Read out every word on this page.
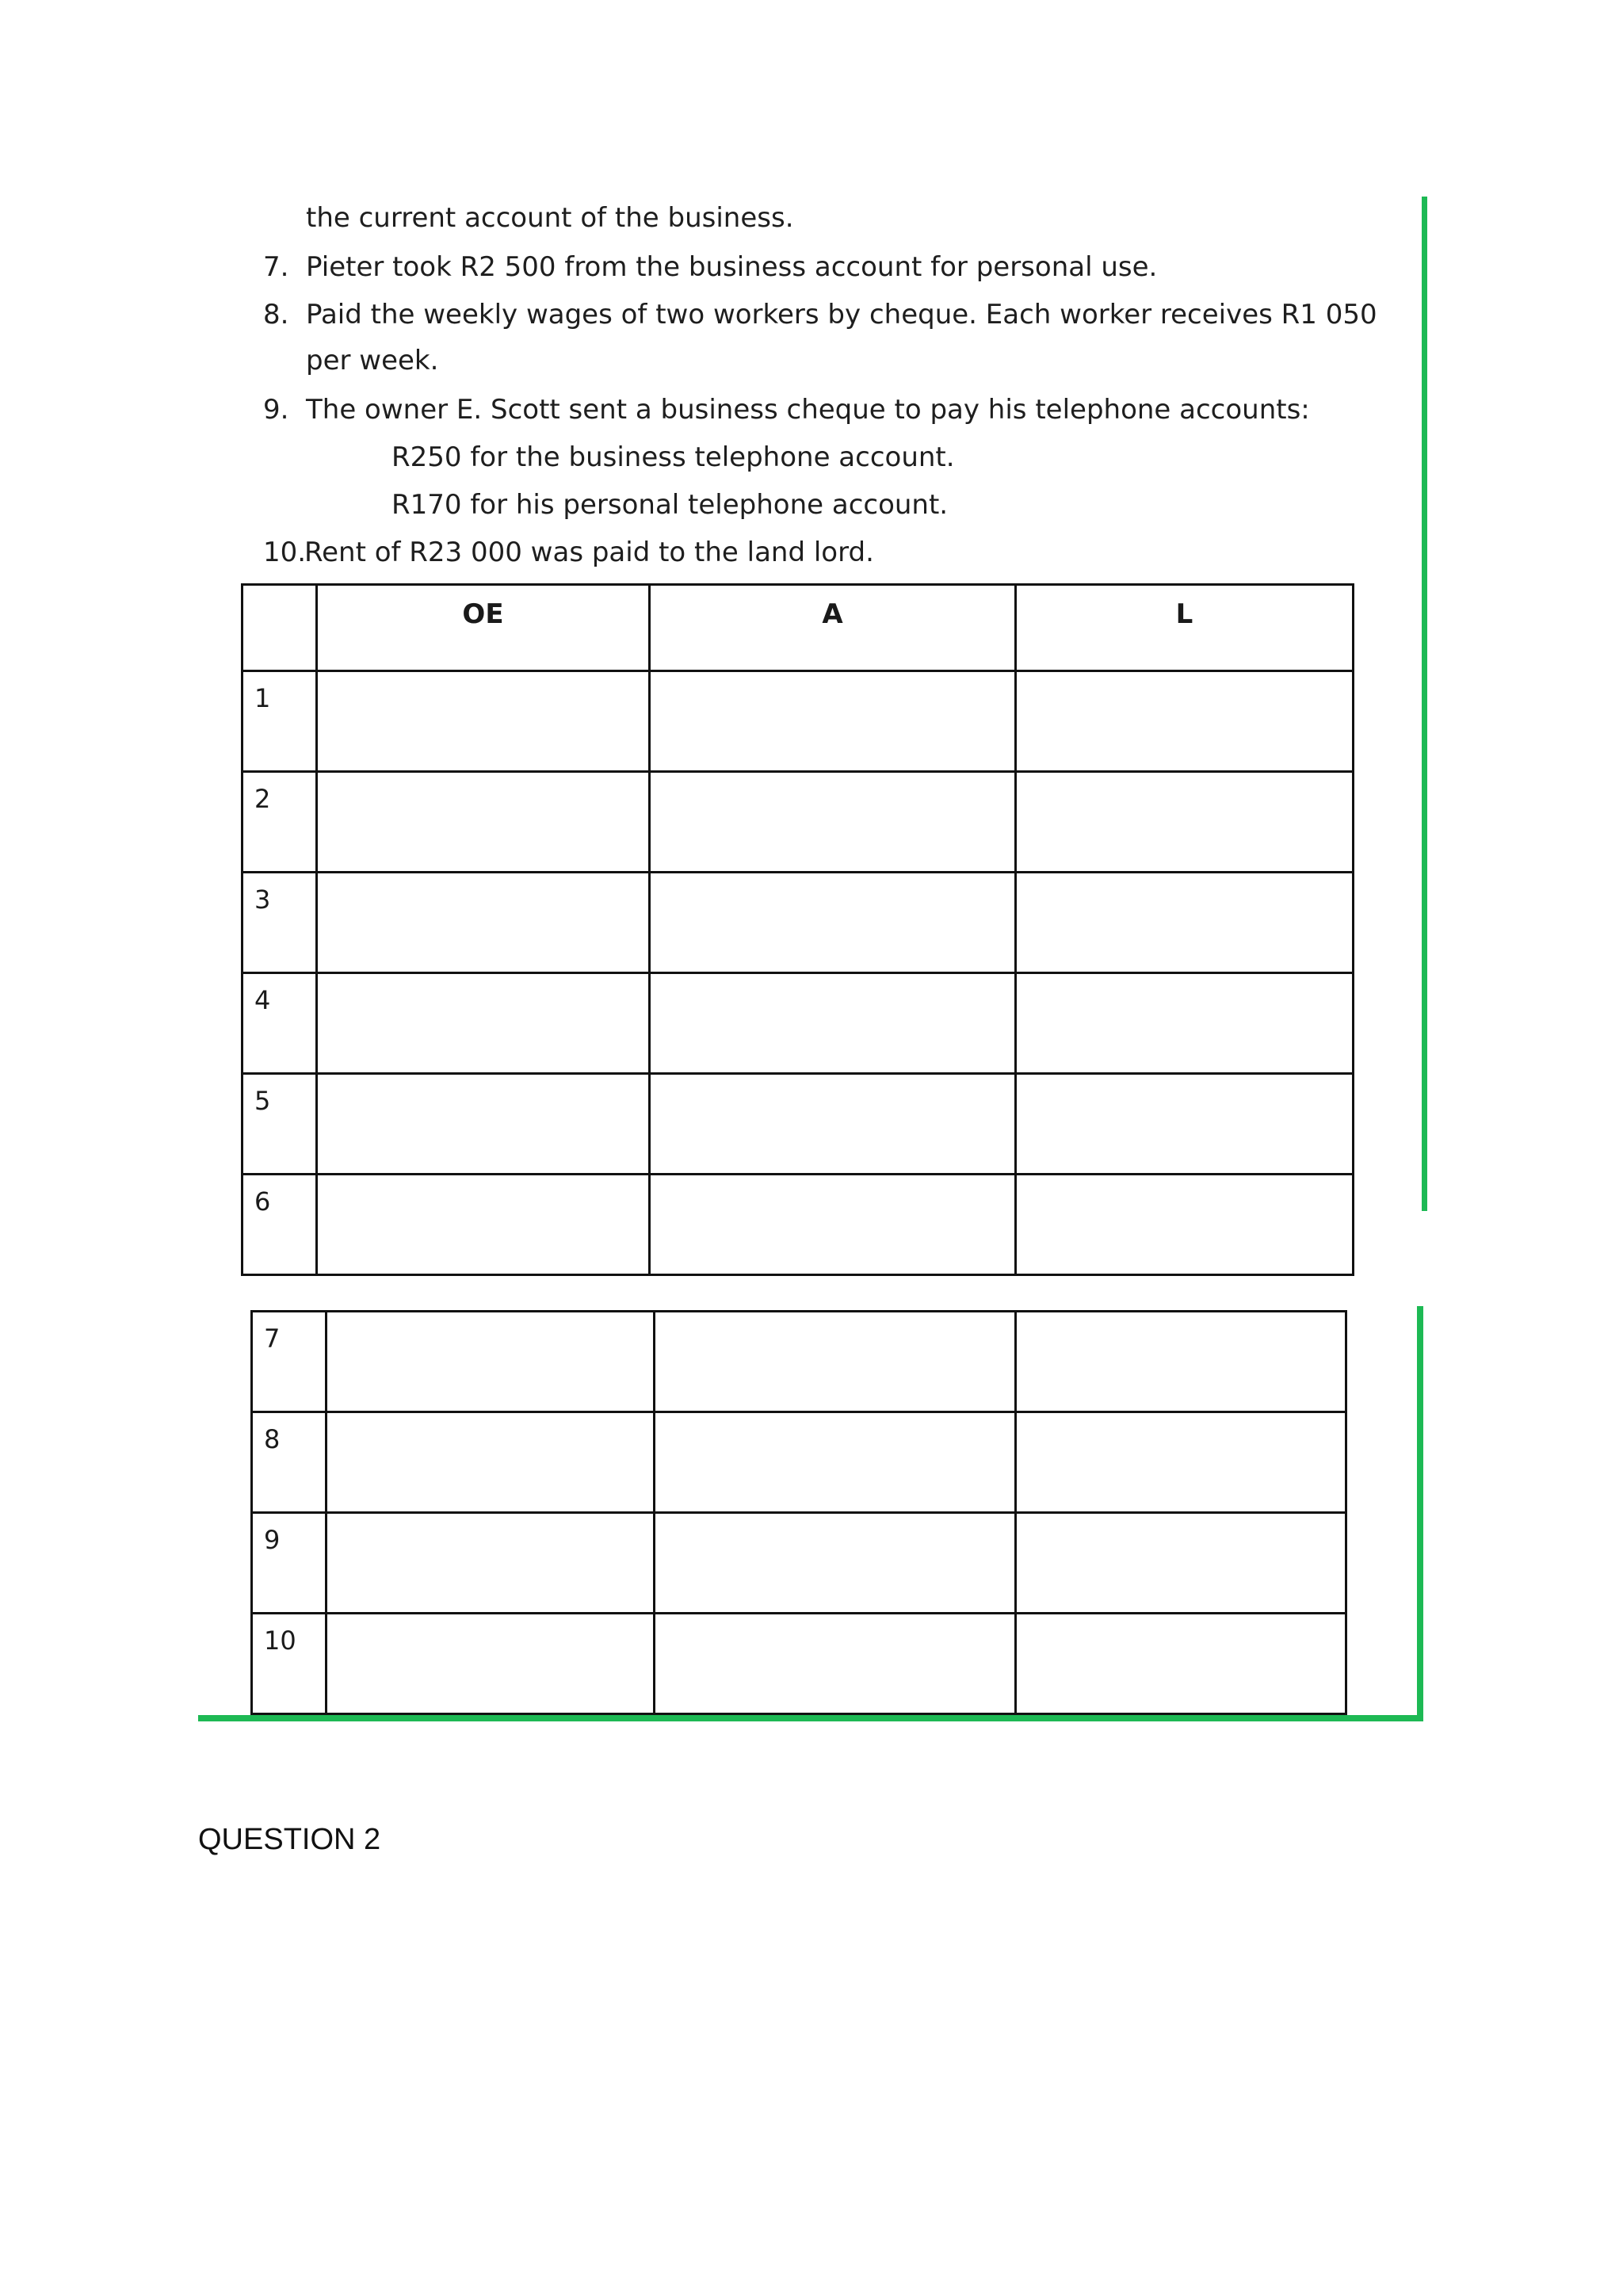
the current account of the business.
7. Pieter took R2 500 from the business account for personal use.
8. Paid the weekly wages of two workers by cheque. Each worker receives R1 050
per week.
9. The owner E. Scott sent a business cheque to pay his telephone accounts:
R250 for the business telephone account.
R170 for his personal telephone account.
10.
Rent of R23 000 was paid to the land lord.
	OE	A	L
1			
2			
3			
4			
5			
6			
7			
8			
9			
10			
QUESTION 2
